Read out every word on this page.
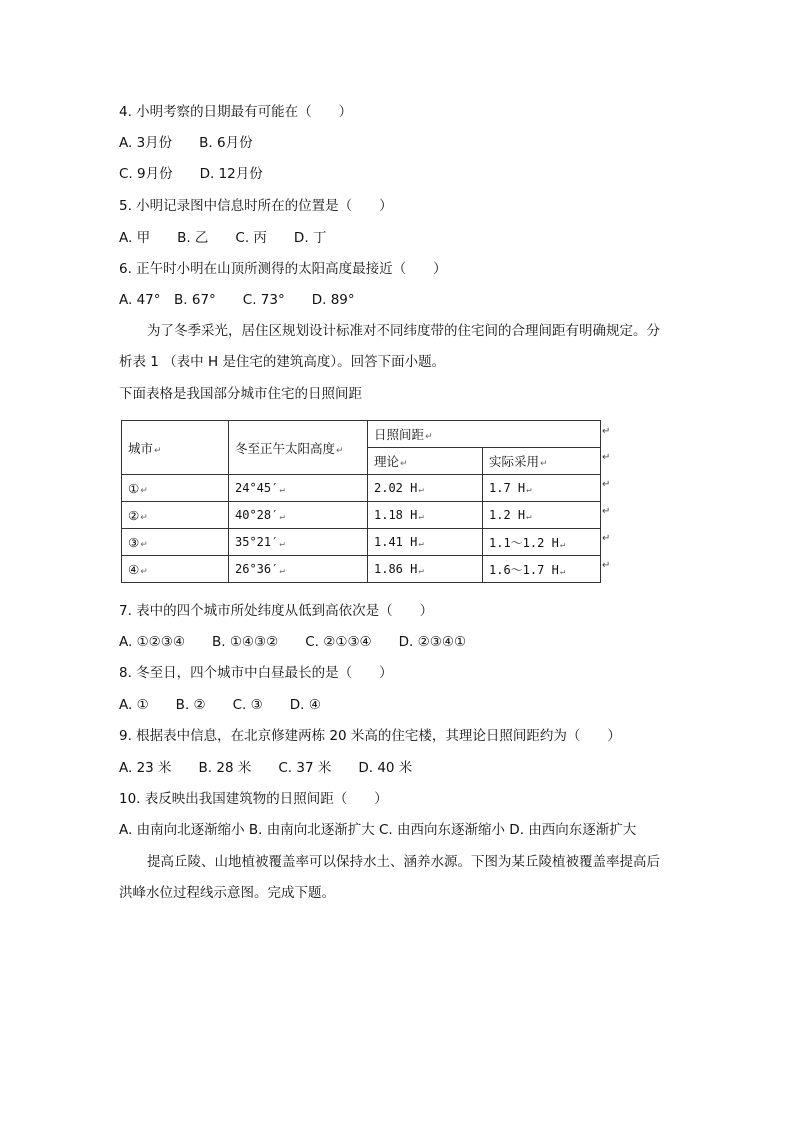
4. 小明考察的日期最有可能在（　　）
A. 3月份　　B. 6月份
C. 9月份　　D. 12月份
5. 小明记录图中信息时所在的位置是（　　）
A. 甲　　B. 乙　　C. 丙　　D. 丁
6. 正午时小明在山顶所测得的太阳高度最接近（　　）
A. 47°　B. 67°　　C. 73°　　D. 89°
为了冬季采光，居住区规划设计标准对不同纬度带的住宅间的合理间距有明确规定。分
析表 1 （表中 H 是住宅的建筑高度）。回答下面小题。
下面表格是我国部分城市住宅的日照间距
城市↵	冬至正午太阳高度↵	日照间距↵	
		理论↵	实际采用↵
①↵	24°45′↵	2.02 H↵	1.7 H↵
②↵	40°28′↵	1.18 H↵	1.2 H↵
③↵	35°21′↵	1.41 H↵	1.1～1.2 H↵
④↵	26°36′↵	1.86 H↵	1.6～1.7 H↵
↵
↵
↵
↵
↵
↵
7. 表中的四个城市所处纬度从低到高依次是（　　）
A. ①②③④　　B. ①④③②　　C. ②①③④　　D. ②③④①
8. 冬至日，四个城市中白昼最长的是（　　）
A. ①　　B. ②　　C. ③　　D. ④
9. 根据表中信息，在北京修建两栋 20 米高的住宅楼，其理论日照间距约为（　　）
A. 23 米　　B. 28 米　　C. 37 米　　D. 40 米
10. 表反映出我国建筑物的日照间距（　　）
A. 由南向北逐渐缩小 B. 由南向北逐渐扩大 C. 由西向东逐渐缩小 D. 由西向东逐渐扩大
提高丘陵、山地植被覆盖率可以保持水土、涵养水源。下图为某丘陵植被覆盖率提高后
洪峰水位过程线示意图。完成下题。
